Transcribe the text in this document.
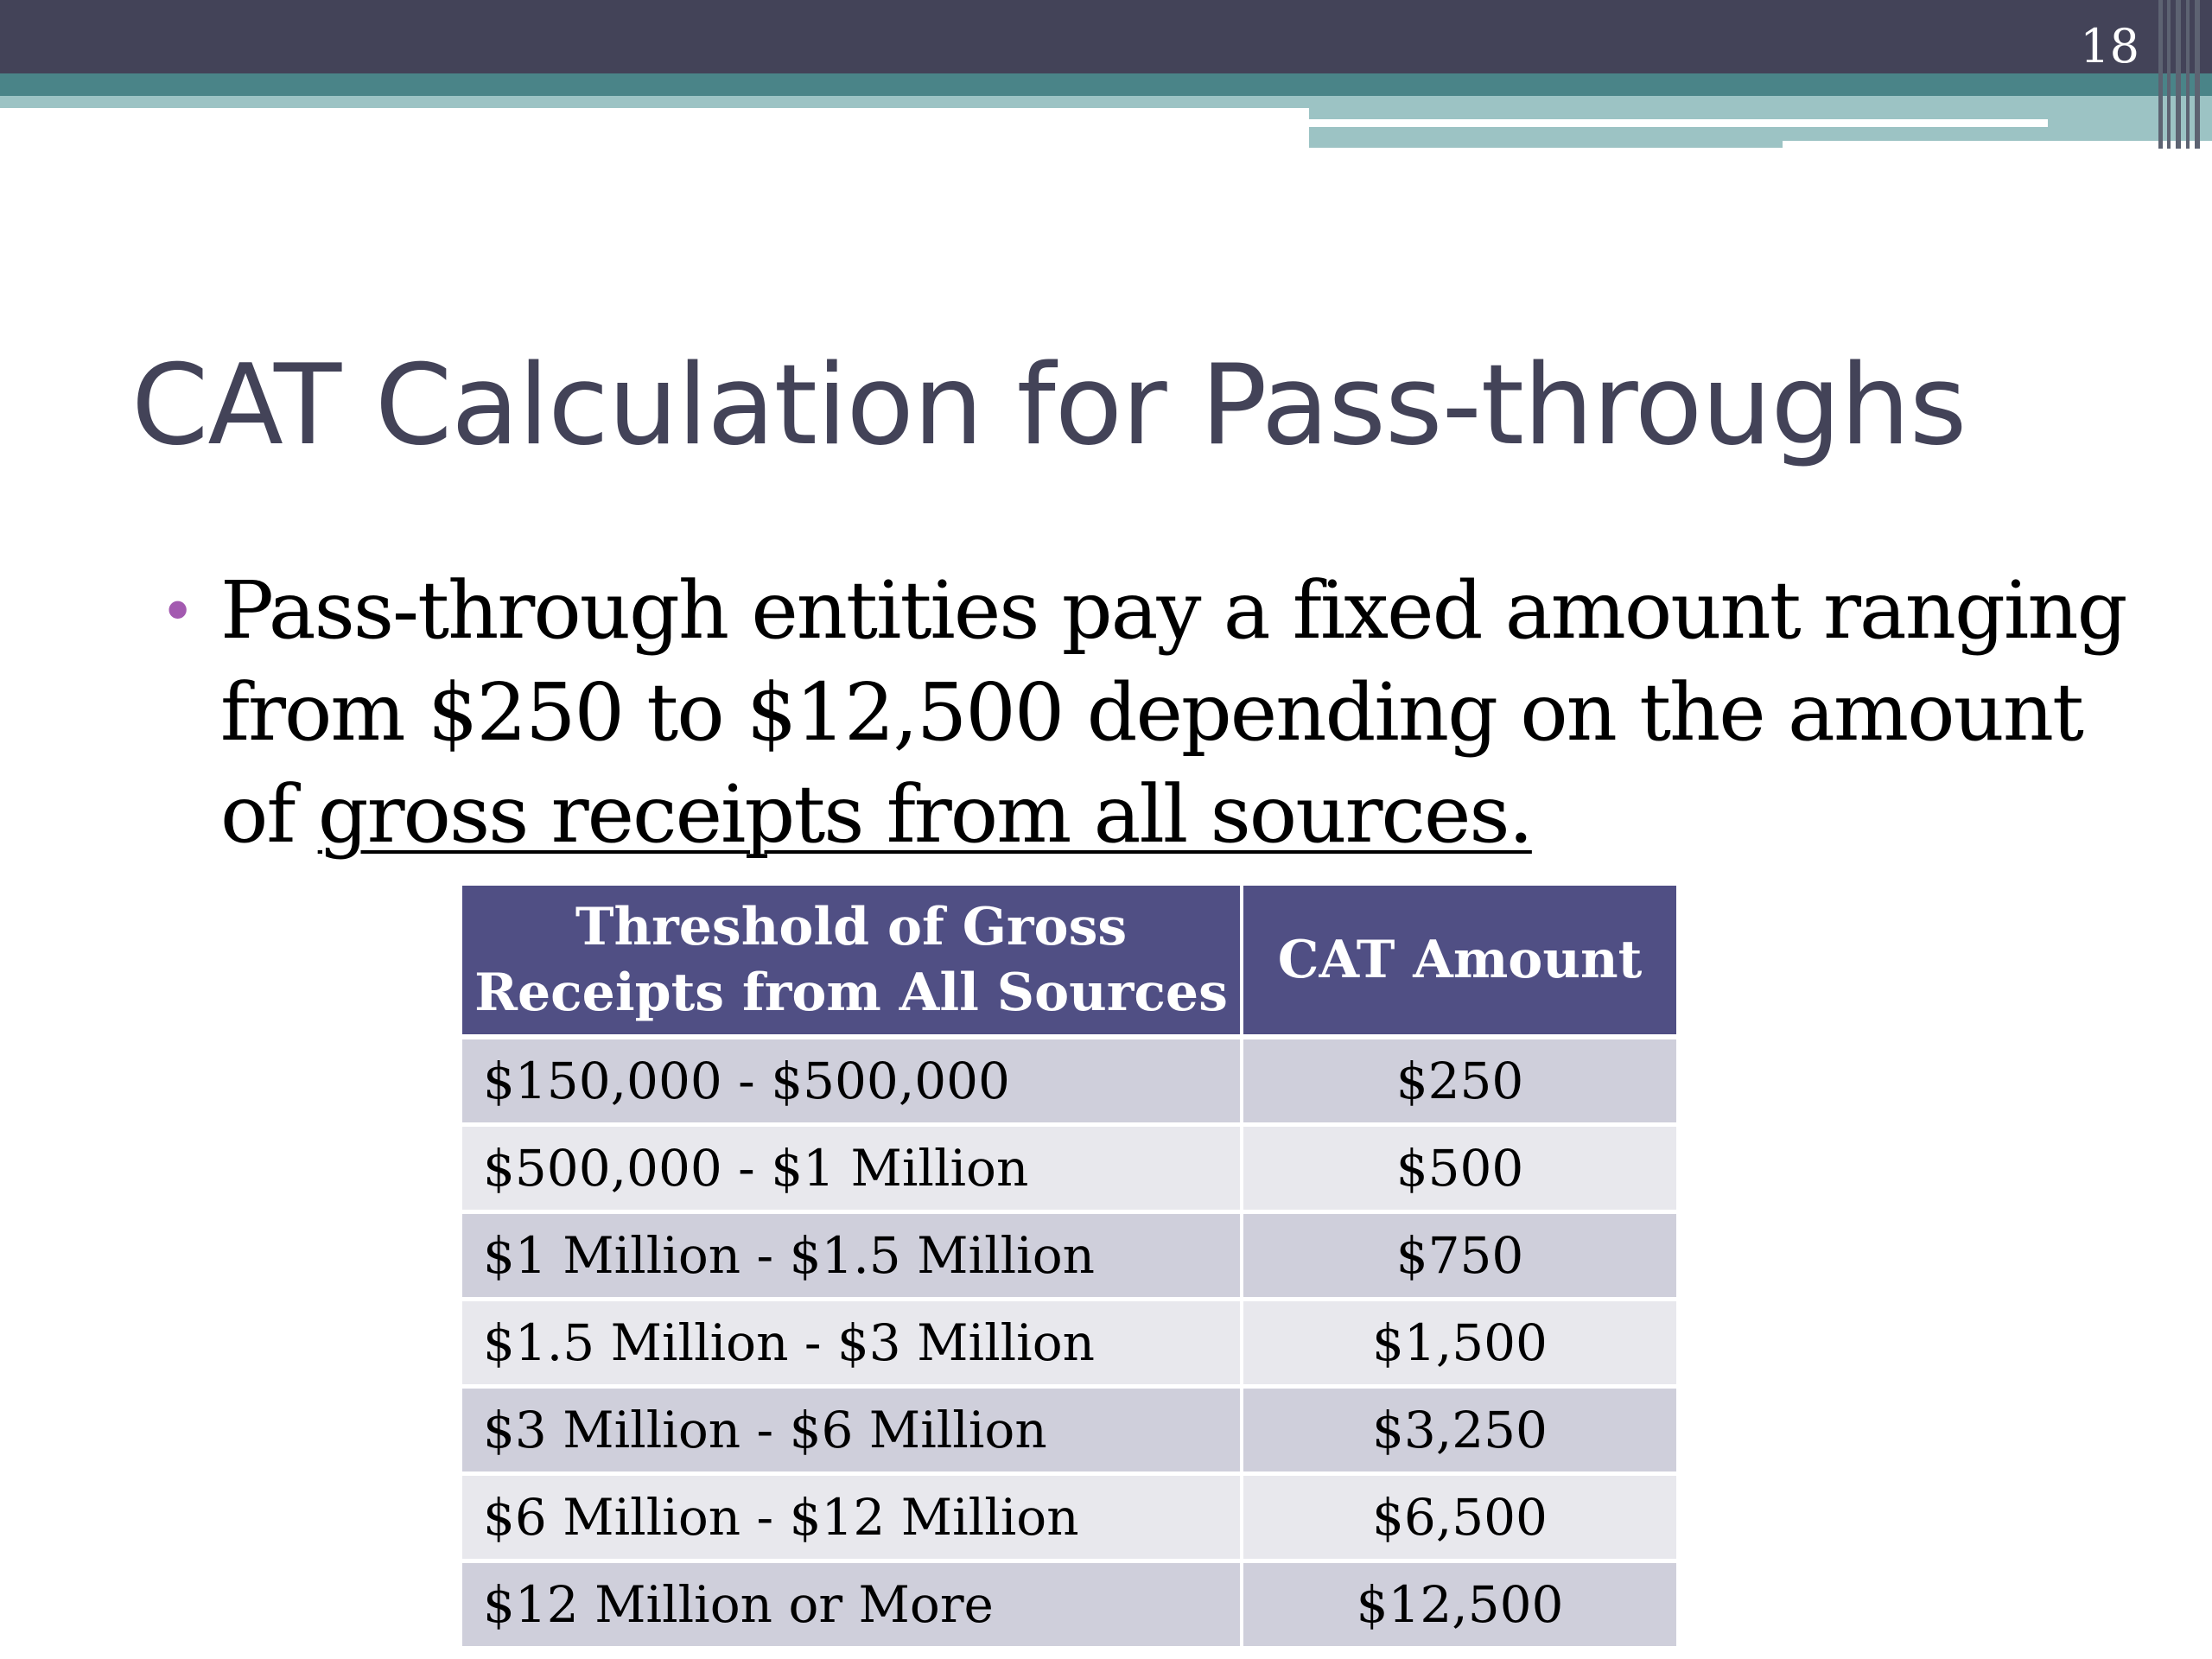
18
CAT Calculation for Pass-throughs
• Pass-through entities pay a fixed amount ranging from $250 to $12,500 depending on the amount of gross receipts from all sources.
Threshold of Gross Receipts from All Sources	CAT Amount
$150,000 - $500,000	$250
$500,000 - $1 Million	$500
$1 Million - $1.5 Million	$750
$1.5 Million - $3 Million	$1,500
$3 Million - $6 Million	$3,250
$6 Million - $12 Million	$6,500
$12 Million or More	$12,500
